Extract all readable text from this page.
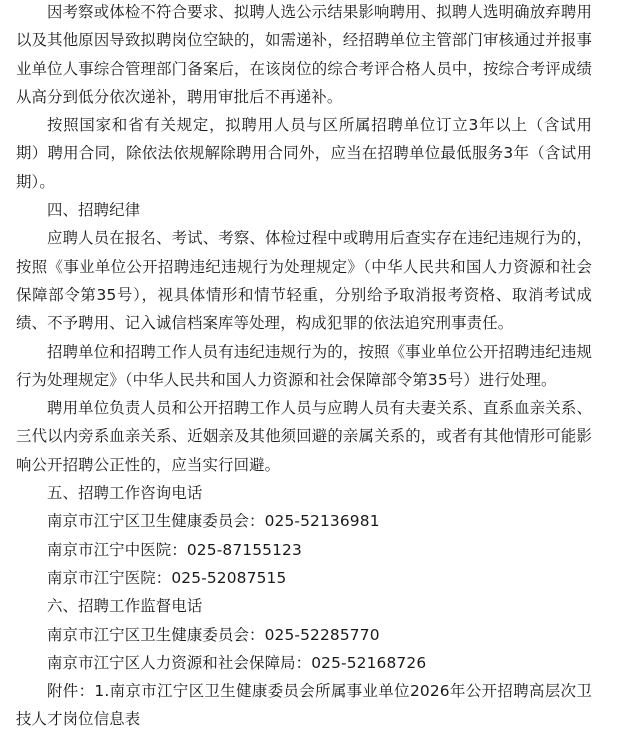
因考察或体检不符合要求、拟聘人选公示结果影响聘用、拟聘人选明确放弃聘用以及其他原因导致拟聘岗位空缺的，如需递补，经招聘单位主管部门审核通过并报事业单位人事综合管理部门备案后，在该岗位的综合考评合格人员中，按综合考评成绩从高分到低分依次递补，聘用审批后不再递补。

按照国家和省有关规定，拟聘用人员与区所属招聘单位订立3年以上（含试用期）聘用合同，除依法依规解除聘用合同外，应当在招聘单位最低服务3年（含试用期）。

四、招聘纪律

应聘人员在报名、考试、考察、体检过程中或聘用后查实存在违纪违规行为的，按照《事业单位公开招聘违纪违规行为处理规定》（中华人民共和国人力资源和社会保障部令第35号），视具体情形和情节轻重，分别给予取消报考资格、取消考试成绩、不予聘用、记入诚信档案库等处理，构成犯罪的依法追究刑事责任。

招聘单位和招聘工作人员有违纪违规行为的，按照《事业单位公开招聘违纪违规行为处理规定》（中华人民共和国人力资源和社会保障部令第35号）进行处理。

聘用单位负责人员和公开招聘工作人员与应聘人员有夫妻关系、直系血亲关系、三代以内旁系血亲关系、近姻亲及其他须回避的亲属关系的，或者有其他情形可能影响公开招聘公正性的，应当实行回避。

五、招聘工作咨询电话

南京市江宁区卫生健康委员会：025-52136981

南京市江宁中医院：025-87155123

南京市江宁医院：025-52087515

六、招聘工作监督电话

南京市江宁区卫生健康委员会：025-52285770

南京市江宁区人力资源和社会保障局：025-52168726

附件：1.南京市江宁区卫生健康委员会所属事业单位2026年公开招聘高层次卫技人才岗位信息表
